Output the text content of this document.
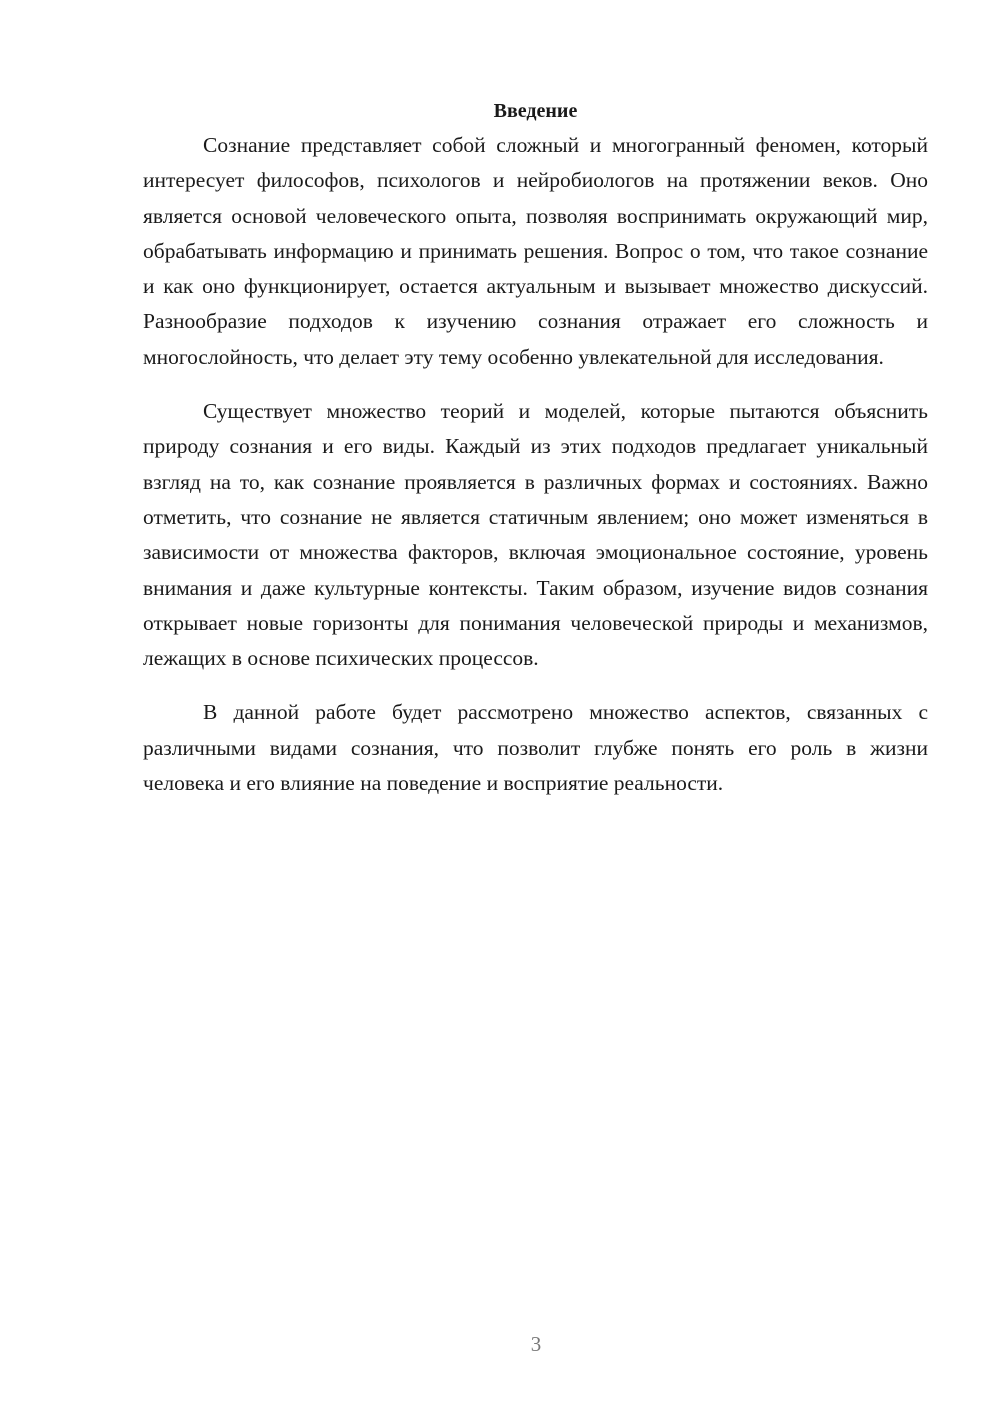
Введение

Сознание представляет собой сложный и многогранный феномен, который интересует философов, психологов и нейробиологов на протяжении веков. Оно является основой человеческого опыта, позволяя воспринимать окружающий мир, обрабатывать информацию и принимать решения. Вопрос о том, что такое сознание и как оно функционирует, остается актуальным и вызывает множество дискуссий. Разнообразие подходов к изучению сознания отражает его сложность и многослойность, что делает эту тему особенно увлекательной для исследования.

Существует множество теорий и моделей, которые пытаются объяснить природу сознания и его виды. Каждый из этих подходов предлагает уникальный взгляд на то, как сознание проявляется в различных формах и состояниях. Важно отметить, что сознание не является статичным явлением; оно может изменяться в зависимости от множества факторов, включая эмоциональное состояние, уровень внимания и даже культурные контексты. Таким образом, изучение видов сознания открывает новые горизонты для понимания человеческой природы и механизмов, лежащих в основе психических процессов.

В данной работе будет рассмотрено множество аспектов, связанных с различными видами сознания, что позволит глубже понять его роль в жизни человека и его влияние на поведение и восприятие реальности.

3
